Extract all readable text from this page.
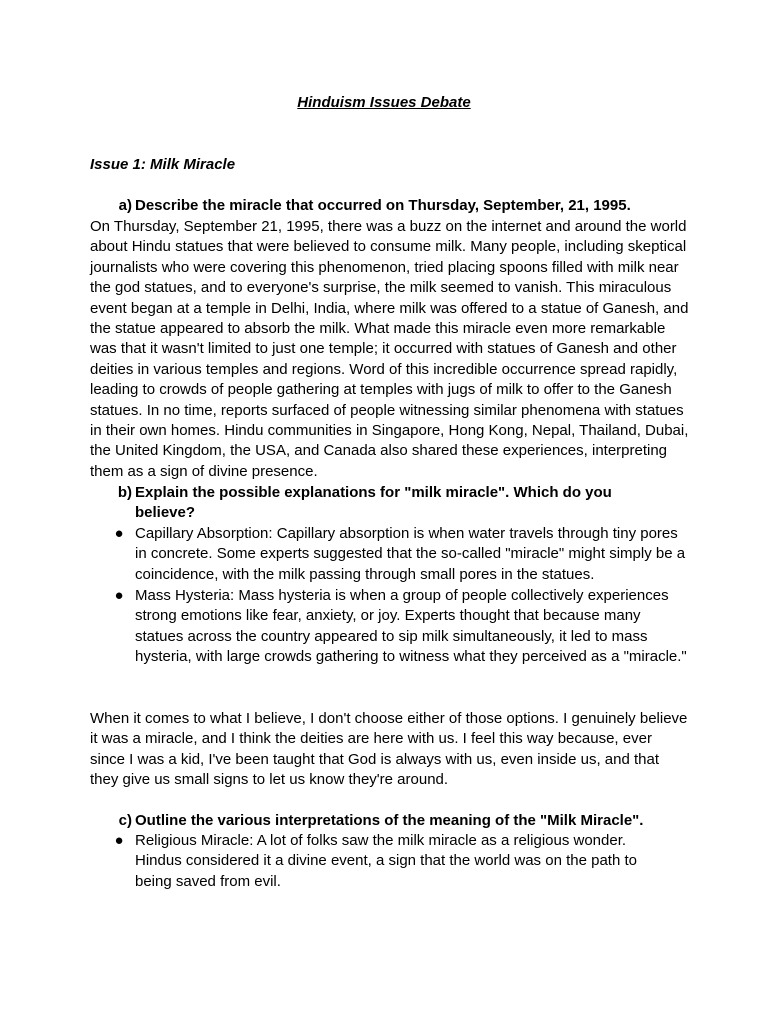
Hinduism Issues Debate
Issue 1: Milk Miracle
a) Describe the miracle that occurred on Thursday, September, 21, 1995.

On Thursday, September 21, 1995, there was a buzz on the internet and around the world about Hindu statues that were believed to consume milk. Many people, including skeptical journalists who were covering this phenomenon, tried placing spoons filled with milk near the god statues, and to everyone's surprise, the milk seemed to vanish. This miraculous event began at a temple in Delhi, India, where milk was offered to a statue of Ganesh, and the statue appeared to absorb the milk. What made this miracle even more remarkable was that it wasn't limited to just one temple; it occurred with statues of Ganesh and other deities in various temples and regions. Word of this incredible occurrence spread rapidly, leading to crowds of people gathering at temples with jugs of milk to offer to the Ganesh statues. In no time, reports surfaced of people witnessing similar phenomena with statues in their own homes. Hindu communities in Singapore, Hong Kong, Nepal, Thailand, Dubai, the United Kingdom, the USA, and Canada also shared these experiences, interpreting them as a sign of divine presence.

b) Explain the possible explanations for "milk miracle". Which do you believe?
● Capillary Absorption: Capillary absorption is when water travels through tiny pores in concrete. Some experts suggested that the so-called "miracle" might simply be a coincidence, with the milk passing through small pores in the statues.
● Mass Hysteria: Mass hysteria is when a group of people collectively experiences strong emotions like fear, anxiety, or joy. Experts thought that because many statues across the country appeared to sip milk simultaneously, it led to mass hysteria, with large crowds gathering to witness what they perceived as a "miracle."

When it comes to what I believe, I don't choose either of those options. I genuinely believe it was a miracle, and I think the deities are here with us. I feel this way because, ever since I was a kid, I've been taught that God is always with us, even inside us, and that they give us small signs to let us know they're around.

c) Outline the various interpretations of the meaning of the "Milk Miracle".
● Religious Miracle: A lot of folks saw the milk miracle as a religious wonder. Hindus considered it a divine event, a sign that the world was on the path to being saved from evil.
